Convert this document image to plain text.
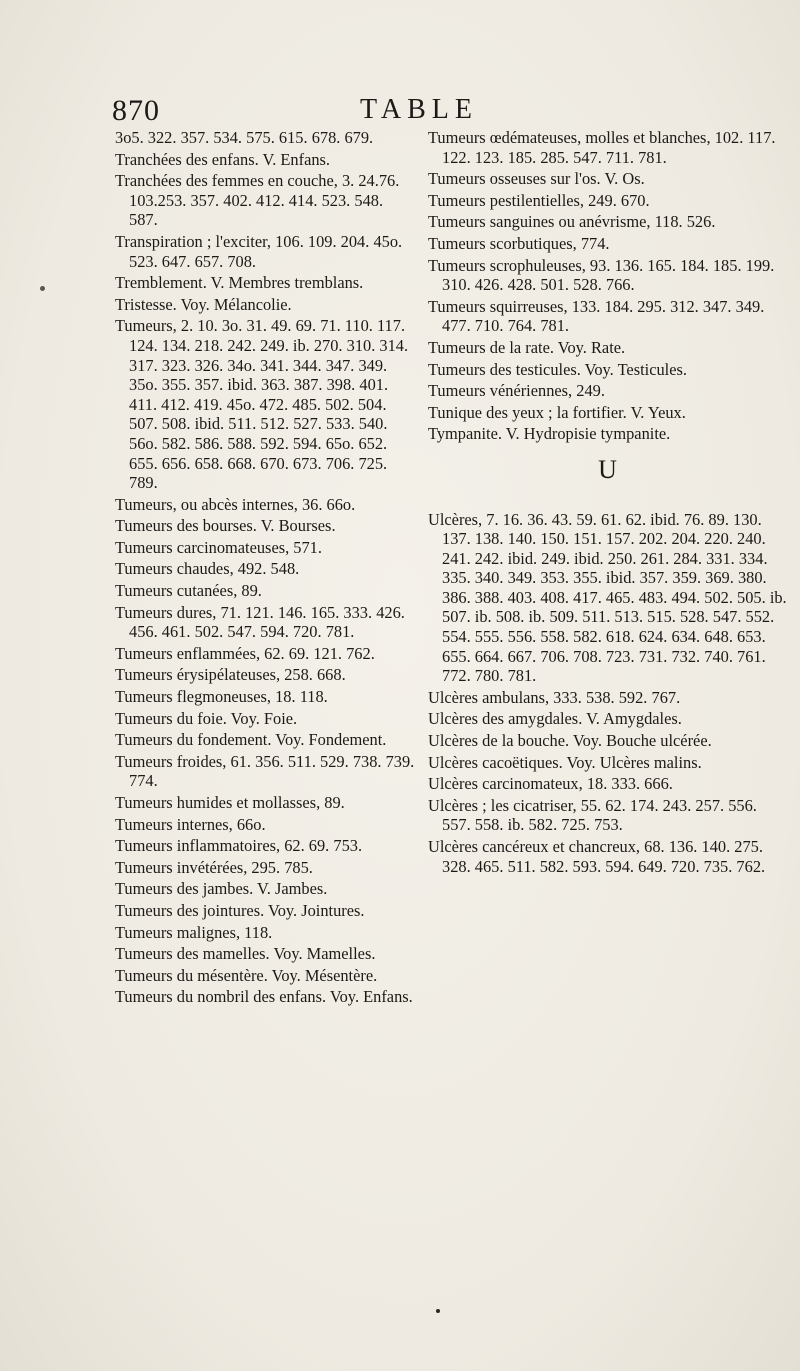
870	TABLE
3o5. 322. 357. 534. 575. 615. 678. 679.
Tranchées des enfans. V. Enfans.
Tranchées des femmes en couche, 3. 24.76. 103.253. 357. 402. 412. 414. 523. 548. 587.
Transpiration ; l'exciter, 106. 109. 204. 45o. 523. 647. 657. 708.
Tremblement. V. Membres tremblans.
Tristesse. Voy. Mélancolie.
Tumeurs, 2. 10. 3o. 31. 49. 69. 71. 110. 117. 124. 134. 218. 242. 249. ib. 270. 310. 314. 317. 323. 326. 34o. 341. 344. 347. 349. 35o. 355. 357. ibid. 363. 387. 398. 401. 411. 412. 419. 45o. 472. 485. 502. 504. 507. 508. ibid. 511. 512. 527. 533. 540. 56o. 582. 586. 588. 592. 594. 65o. 652. 655. 656. 658. 668. 670. 673. 706. 725. 789.
Tumeurs, ou abcès internes, 36. 66o.
Tumeurs des bourses. V. Bourses.
Tumeurs carcinomateuses, 571.
Tumeurs chaudes, 492. 548.
Tumeurs cutanées, 89.
Tumeurs dures, 71. 121. 146. 165. 333. 426. 456. 461. 502. 547. 594. 720. 781.
Tumeurs enflammées, 62. 69. 121. 762.
Tumeurs érysipélateuses, 258. 668.
Tumeurs flegmoneuses, 18. 118.
Tumeurs du foie. Voy. Foie.
Tumeurs du fondement. Voy. Fondement.
Tumeurs froides, 61. 356. 511. 529. 738. 739. 774.
Tumeurs humides et mollasses, 89.
Tumeurs internes, 66o.
Tumeurs inflammatoires, 62. 69. 753.
Tumeurs invétérées, 295. 785.
Tumeurs des jambes. V. Jambes.
Tumeurs des jointures. Voy. Jointures.
Tumeurs malignes, 118.
Tumeurs des mamelles. Voy. Mamelles.
Tumeurs du mésentère. Voy. Mésentère.
Tumeurs du nombril des enfans. Voy. Enfans.
Tumeurs œdémateuses, molles et blanches, 102. 117. 122. 123. 185. 285. 547. 711. 781.
Tumeurs osseuses sur l'os. V. Os.
Tumeurs pestilentielles, 249. 670.
Tumeurs sanguines ou anévrisme, 118. 526.
Tumeurs scorbutiques, 774.
Tumeurs scrophuleuses, 93. 136. 165. 184. 185. 199. 310. 426. 428. 501. 528. 766.
Tumeurs squirreuses, 133. 184. 295. 312. 347. 349. 477. 710. 764. 781.
Tumeurs de la rate. Voy. Rate.
Tumeurs des testicules. Voy. Testicules.
Tumeurs vénériennes, 249.
Tunique des yeux ; la fortifier. V. Yeux.
Tympanite. V. Hydropisie tympanite.
U
Ulcères, 7. 16. 36. 43. 59. 61. 62. ibid. 76. 89. 130. 137. 138. 140. 150. 151. 157. 202. 204. 220. 240. 241. 242. ibid. 249. ibid. 250. 261. 284. 331. 334. 335. 340. 349. 353. 355. ibid. 357. 359. 369. 380. 386. 388. 403. 408. 417. 465. 483. 494. 502. 505. ib. 507. ib. 508. ib. 509. 511. 513. 515. 528. 547. 552. 554. 555. 556. 558. 582. 618. 624. 634. 648. 653. 655. 664. 667. 706. 708. 723. 731. 732. 740. 761. 772. 780. 781.
Ulcères ambulans, 333. 538. 592. 767.
Ulcères des amygdales. V. Amygdales.
Ulcères de la bouche. Voy. Bouche ulcérée.
Ulcères cacoëtiques. Voy. Ulcères malins.
Ulcères carcinomateux, 18. 333. 666.
Ulcères ; les cicatriser, 55. 62. 174. 243. 257. 556. 557. 558. ib. 582. 725. 753.
Ulcères cancéreux et chancreux, 68. 136. 140. 275. 328. 465. 511. 582. 593. 594. 649. 720. 735. 762.
